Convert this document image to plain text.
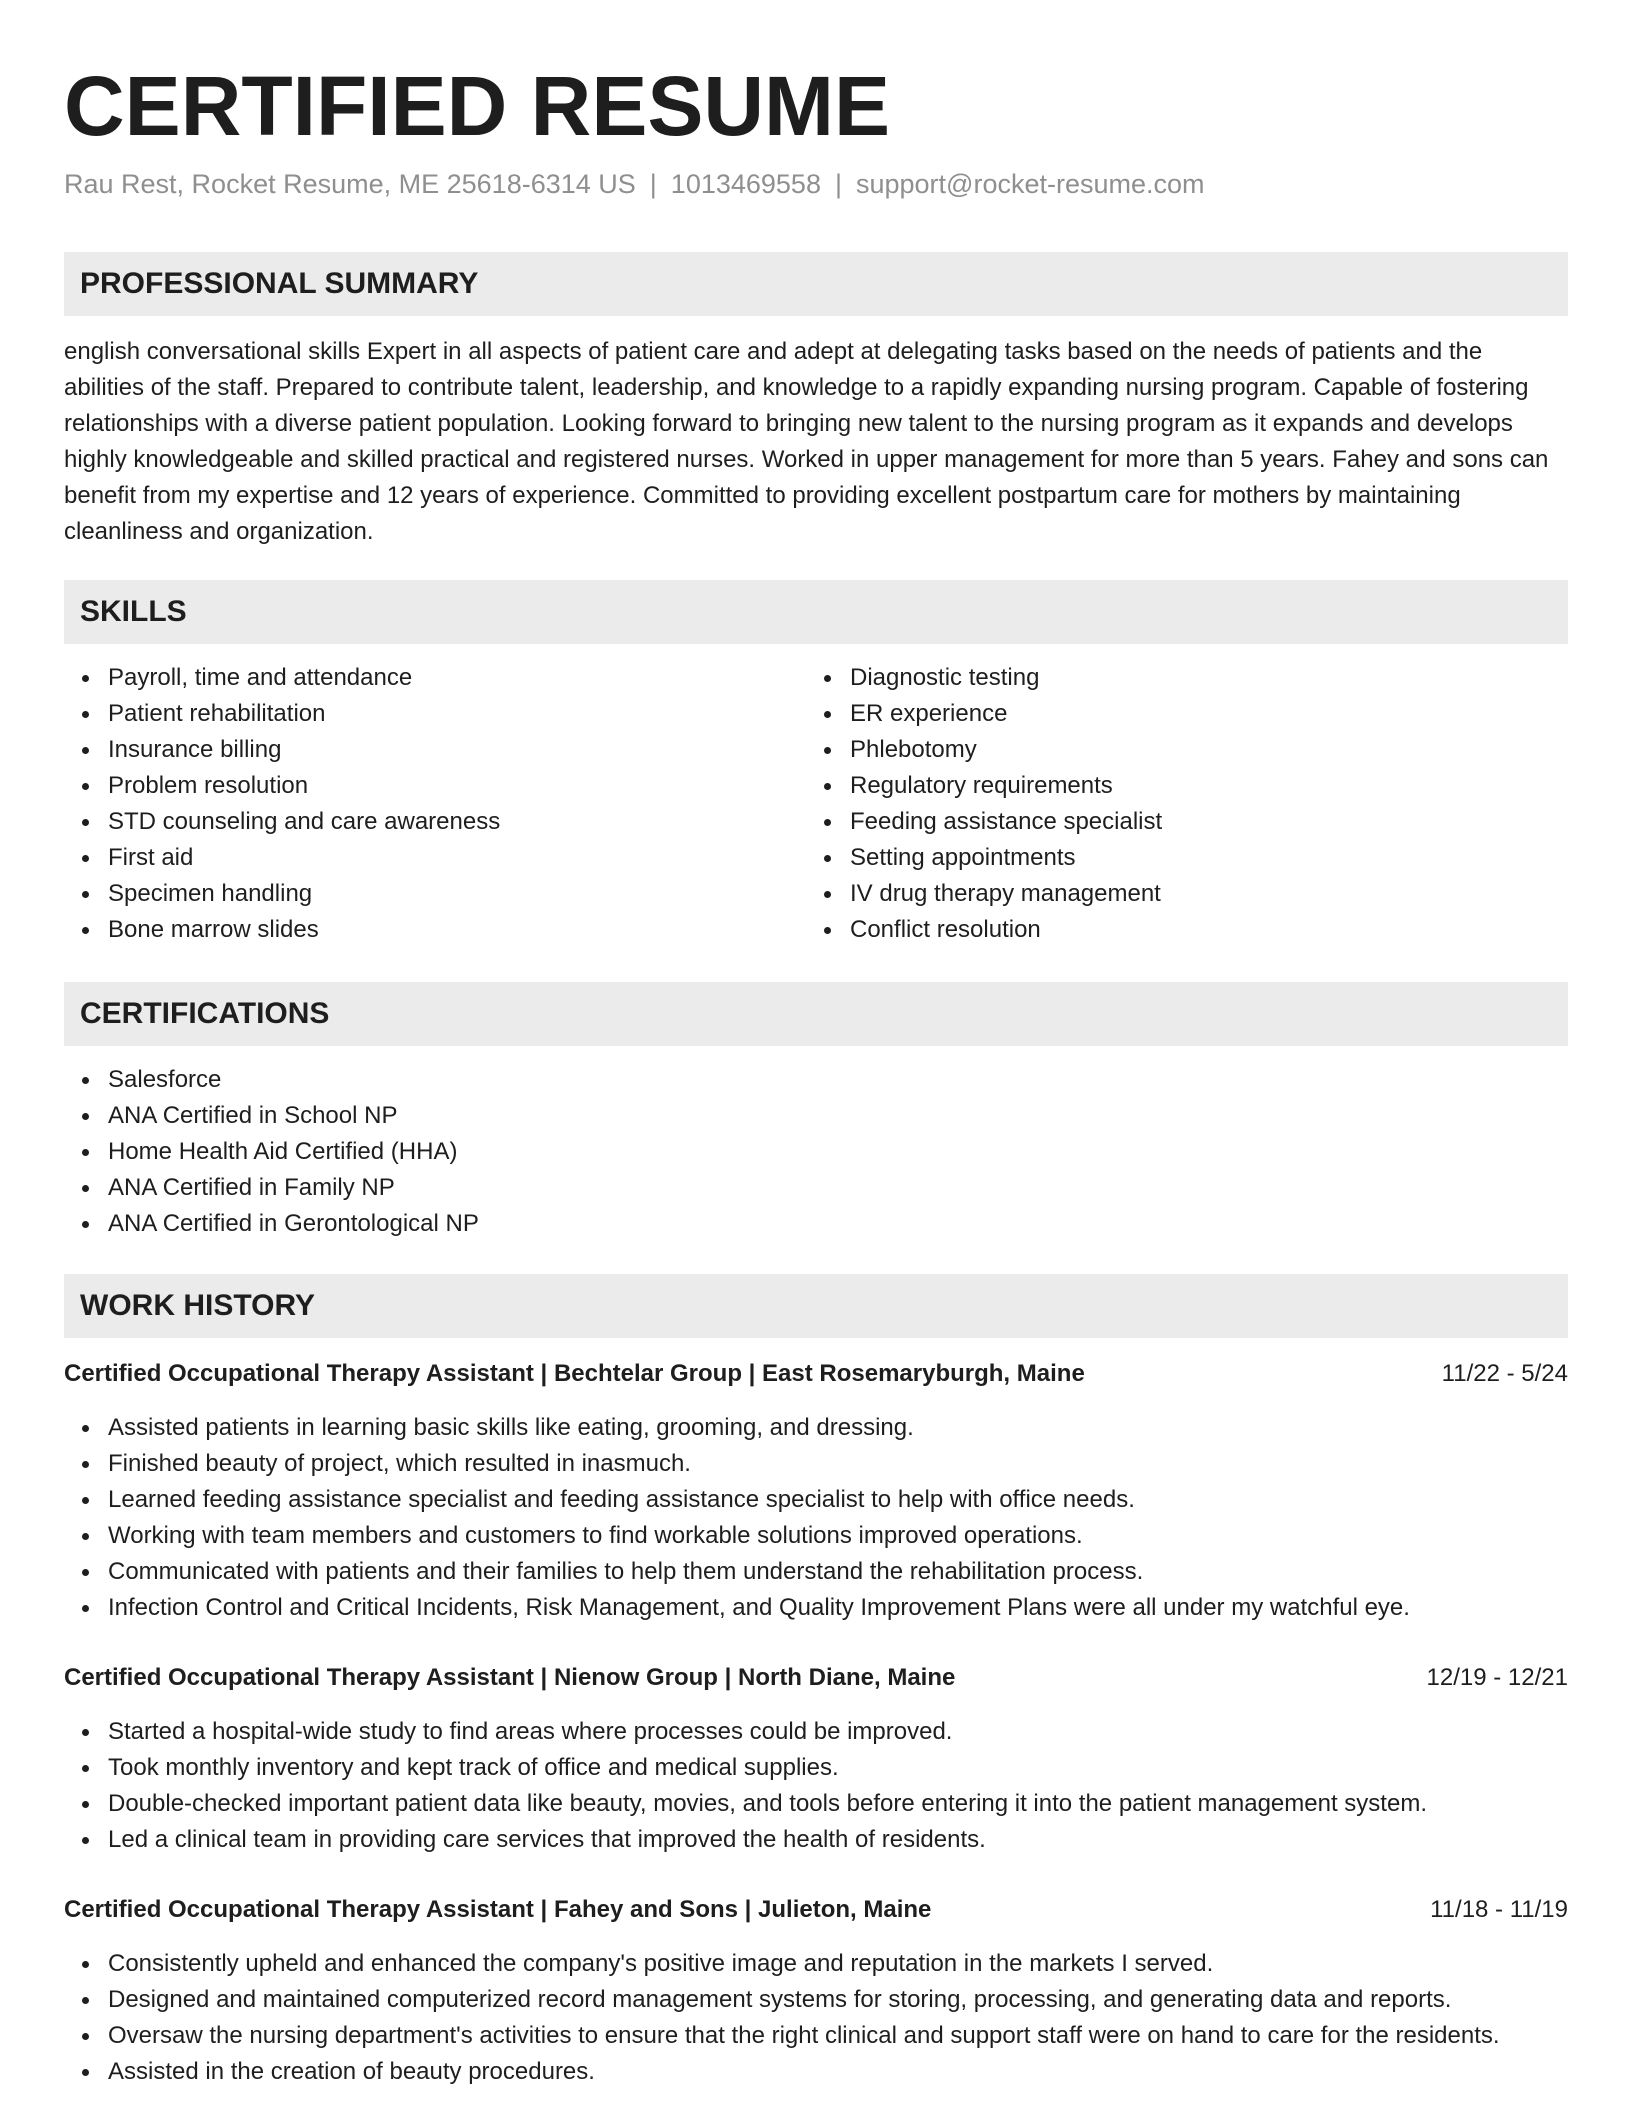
CERTIFIED RESUME
Rau Rest, Rocket Resume, ME 25618-6314 US | 1013469558 | support@rocket-resume.com
PROFESSIONAL SUMMARY

english conversational skills Expert in all aspects of patient care and adept at delegating tasks based on the needs of patients and the abilities of the staff. Prepared to contribute talent, leadership, and knowledge to a rapidly expanding nursing program. Capable of fostering relationships with a diverse patient population. Looking forward to bringing new talent to the nursing program as it expands and develops highly knowledgeable and skilled practical and registered nurses. Worked in upper management for more than 5 years. Fahey and sons can benefit from my expertise and 12 years of experience. Committed to providing excellent postpartum care for mothers by maintaining cleanliness and organization.

SKILLS
Payroll, time and attendance
Patient rehabilitation
Insurance billing
Problem resolution
STD counseling and care awareness
First aid
Specimen handling
Bone marrow slides
Diagnostic testing
ER experience
Phlebotomy
Regulatory requirements
Feeding assistance specialist
Setting appointments
IV drug therapy management
Conflict resolution
CERTIFICATIONS
Salesforce
ANA Certified in School NP
Home Health Aid Certified (HHA)
ANA Certified in Family NP
ANA Certified in Gerontological NP
WORK HISTORY
Certified Occupational Therapy Assistant | Bechtelar Group | East Rosemaryburgh, Maine	11/22 - 5/24
Assisted patients in learning basic skills like eating, grooming, and dressing.
Finished beauty of project, which resulted in inasmuch.
Learned feeding assistance specialist and feeding assistance specialist to help with office needs.
Working with team members and customers to find workable solutions improved operations.
Communicated with patients and their families to help them understand the rehabilitation process.
Infection Control and Critical Incidents, Risk Management, and Quality Improvement Plans were all under my watchful eye.
Certified Occupational Therapy Assistant | Nienow Group | North Diane, Maine	12/19 - 12/21
Started a hospital-wide study to find areas where processes could be improved.
Took monthly inventory and kept track of office and medical supplies.
Double-checked important patient data like beauty, movies, and tools before entering it into the patient management system.
Led a clinical team in providing care services that improved the health of residents.
Certified Occupational Therapy Assistant | Fahey and Sons | Julieton, Maine	11/18 - 11/19
Consistently upheld and enhanced the company's positive image and reputation in the markets I served.
Designed and maintained computerized record management systems for storing, processing, and generating data and reports.
Oversaw the nursing department's activities to ensure that the right clinical and support staff were on hand to care for the residents.
Assisted in the creation of beauty procedures.
